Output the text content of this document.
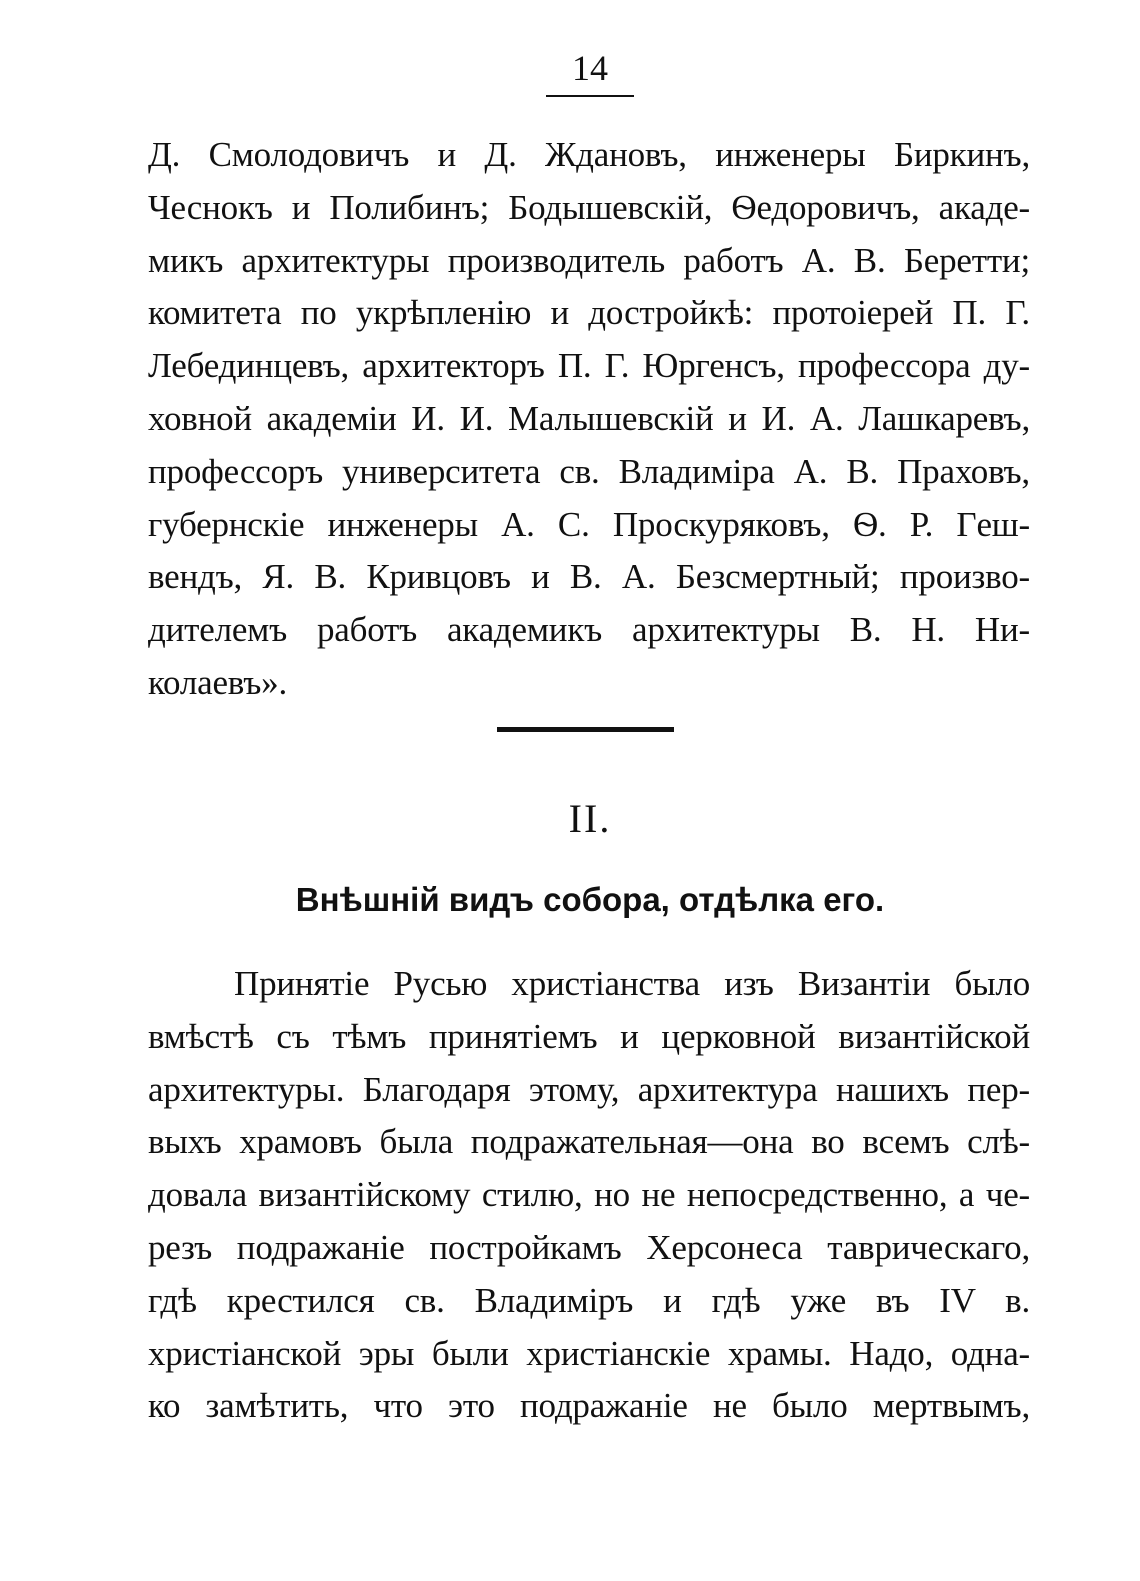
14
Д. Смолодовичъ и Д. Ждановъ, инженеры Биркинъ,
Чеснокъ и Полибинъ; Бодышевскій, Ѳедоровичъ, акаде-
микъ архитектуры производитель работъ А. В. Беретти;
комитета по укрѣпленію и достройкѣ: протоіерей П. Г.
Лебединцевъ, архитекторъ П. Г. Юргенсъ, профессора ду-
ховной академіи И. И. Малышевскій и И. А. Лашкаревъ,
профессоръ университета св. Владиміра А. В. Праховъ,
губернскіе инженеры А. С. Проскуряковъ, Ѳ. Р. Гeш-
вендъ, Я. В. Кривцовъ и В. А. Безсмертный; произво-
дителемъ работъ академикъ архитектуры В. Н. Ни-
колаевъ».
II.
Внѣшній видъ собора, отдѣлка его.
Принятіе Русью христіанства изъ Византіи было
вмѣстѣ съ тѣмъ принятіемъ и церковной византійской
архитектуры. Благодаря этому, архитектура нашихъ пер-
выхъ храмовъ была подражательная—она во всемъ слѣ-
довала византійскому стилю, но не непосредственно, а че-
резъ подражаніе постройкамъ Херсонеса таврическаго,
гдѣ крестился св. Владиміръ и гдѣ уже въ IV в.
христіанской эры были христіанскіе храмы. Надо, одна-
ко замѣтить, что это подражаніе не было мертвымъ,
